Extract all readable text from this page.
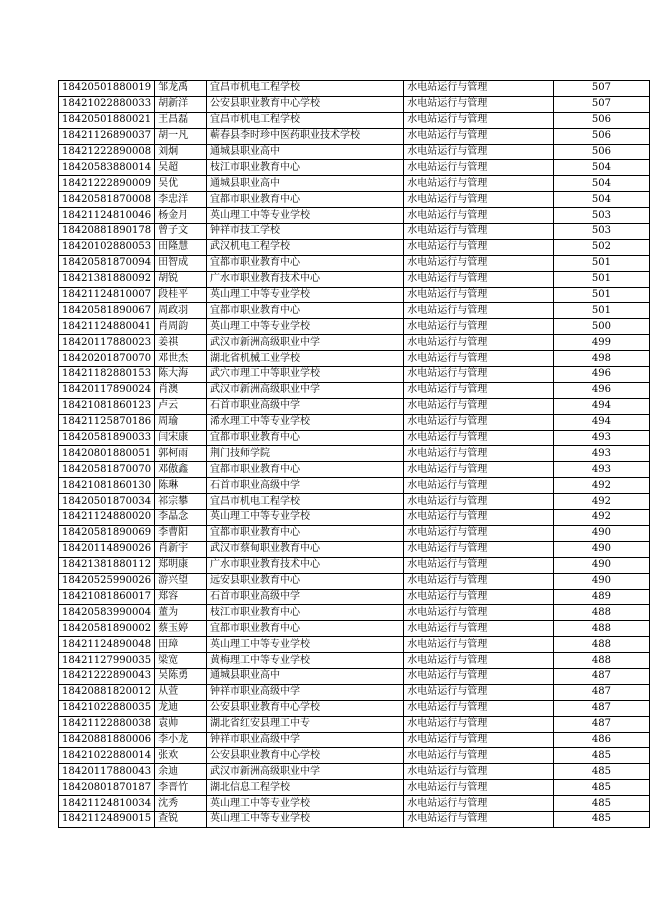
18420501880019	邹龙禹	宜昌市机电工程学校	水电站运行与管理	507
18421022880033	胡新洋	公安县职业教育中心学校	水电站运行与管理	507
18420501880021	王昌磊	宜昌市机电工程学校	水电站运行与管理	506
18421126890037	胡一凡	蕲春县李时珍中医药职业技术学校	水电站运行与管理	506
18421222890008	刘炯	通城县职业高中	水电站运行与管理	506
18420583880014	吴超	枝江市职业教育中心	水电站运行与管理	504
18421222890009	吴优	通城县职业高中	水电站运行与管理	504
18420581870008	李忠洋	宜都市职业教育中心	水电站运行与管理	504
18421124810046	杨金月	英山理工中等专业学校	水电站运行与管理	503
18420881890178	曾子文	钟祥市技工学校	水电站运行与管理	503
18420102880053	田隆慧	武汉机电工程学校	水电站运行与管理	502
18420581870094	田智成	宜都市职业教育中心	水电站运行与管理	501
18421381880092	胡锐	广水市职业教育技术中心	水电站运行与管理	501
18421124810007	段桂平	英山理工中等专业学校	水电站运行与管理	501
18420581890067	周政羽	宜都市职业教育中心	水电站运行与管理	501
18421124880041	肖周韵	英山理工中等专业学校	水电站运行与管理	500
18420117880023	姜祺	武汉市新洲高级职业中学	水电站运行与管理	499
18420201870070	邓世杰	湖北省机械工业学校	水电站运行与管理	498
18421182880153	陈大海	武穴市理工中等职业学校	水电站运行与管理	496
18420117890024	肖澳	武汉市新洲高级职业中学	水电站运行与管理	496
18421081860123	卢云	石首市职业高级中学	水电站运行与管理	494
18421125870186	周瑜	浠水理工中等专业学校	水电站运行与管理	494
18420581890033	闫宋康	宜都市职业教育中心	水电站运行与管理	493
18420801880051	郭柯雨	荆门技师学院	水电站运行与管理	493
18420581870070	邓傲鑫	宜都市职业教育中心	水电站运行与管理	493
18421081860130	陈琳	石首市职业高级中学	水电站运行与管理	492
18420501870034	祁宗攀	宜昌市机电工程学校	水电站运行与管理	492
18421124880020	李晶念	英山理工中等专业学校	水电站运行与管理	492
18420581890069	李曹阳	宜都市职业教育中心	水电站运行与管理	490
18420114890026	肖新宇	武汉市蔡甸职业教育中心	水电站运行与管理	490
18421381880112	郑明康	广水市职业教育技术中心	水电站运行与管理	490
18420525990026	游兴望	远安县职业教育中心	水电站运行与管理	490
18421081860017	郑容	石首市职业高级中学	水电站运行与管理	489
18420583990004	董为	枝江市职业教育中心	水电站运行与管理	488
18420581890002	蔡玉婷	宜都市职业教育中心	水电站运行与管理	488
18421124890048	田璋	英山理工中等专业学校	水电站运行与管理	488
18421127990035	梁宽	黄梅理工中等专业学校	水电站运行与管理	488
18421222890043	吴陈勇	通城县职业高中	水电站运行与管理	487
18420881820012	从萱	钟祥市职业高级中学	水电站运行与管理	487
18421022880035	龙迪	公安县职业教育中心学校	水电站运行与管理	487
18421122880038	袁帅	湖北省红安县理工中专	水电站运行与管理	487
18420881880006	李小龙	钟祥市职业高级中学	水电站运行与管理	486
18421022880014	张欢	公安县职业教育中心学校	水电站运行与管理	485
18420117880043	余迪	武汉市新洲高级职业中学	水电站运行与管理	485
18420801870187	李晋竹	湖北信息工程学校	水电站运行与管理	485
18421124810034	沈秀	英山理工中等专业学校	水电站运行与管理	485
18421124890015	查锐	英山理工中等专业学校	水电站运行与管理	485
